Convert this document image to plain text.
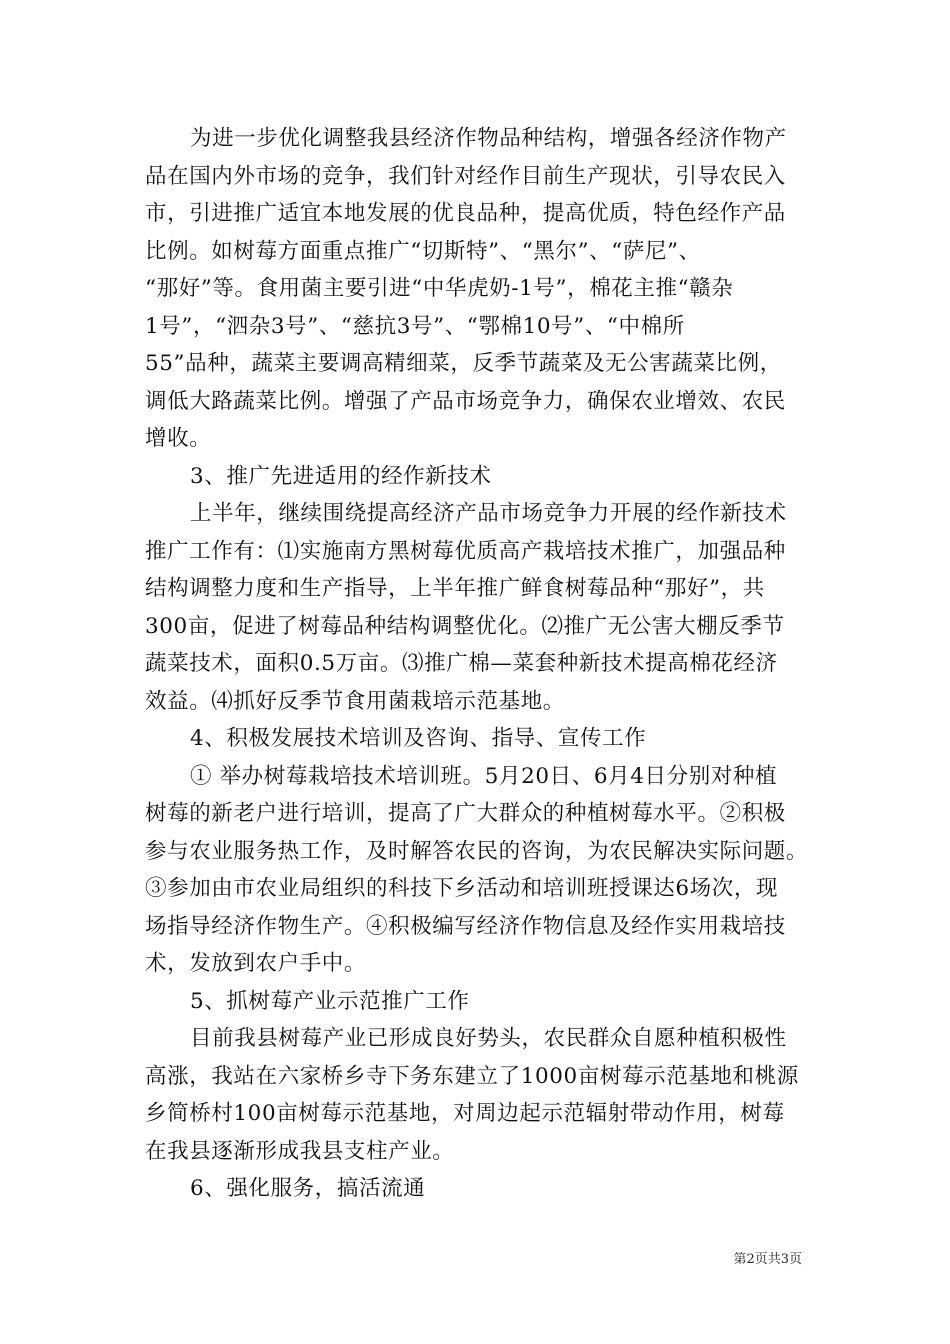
为进一步优化调整我县经济作物品种结构，增强各经济作物产
品在国内外市场的竞争，我们针对经作目前生产现状，引导农民入
市，引进推广适宜本地发展的优良品种，提高优质，特色经作产品
比例。如树莓方面重点推广“切斯特”、“黑尔”、“萨尼”、
“那好”等。食用菌主要引进“中华虎奶-1号”，棉花主推“赣杂
1号”，“泗杂3号”、“慈抗3号”、“鄂棉10号”、“中棉所
55”品种，蔬菜主要调高精细菜，反季节蔬菜及无公害蔬菜比例，
调低大路蔬菜比例。增强了产品市场竞争力，确保农业增效、农民
增收。
3、推广先进适用的经作新技术
上半年，继续围绕提高经济产品市场竞争力开展的经作新技术
推广工作有：⑴实施南方黑树莓优质高产栽培技术推广，加强品种
结构调整力度和生产指导，上半年推广鲜食树莓品种“那好”，共
300亩，促进了树莓品种结构调整优化。⑵推广无公害大棚反季节
蔬菜技术，面积0.5万亩。⑶推广棉—菜套种新技术提高棉花经济
效益。⑷抓好反季节食用菌栽培示范基地。
4、积极发展技术培训及咨询、指导、宣传工作
① 举办树莓栽培技术培训班。5月20日、6月4日分别对种植
树莓的新老户进行培训，提高了广大群众的种植树莓水平。②积极
参与农业服务热工作，及时解答农民的咨询，为农民解决实际问题。
③参加由市农业局组织的科技下乡活动和培训班授课达6场次，现
场指导经济作物生产。④积极编写经济作物信息及经作实用栽培技
术，发放到农户手中。
5、抓树莓产业示范推广工作
目前我县树莓产业已形成良好势头，农民群众自愿种植积极性
高涨，我站在六家桥乡寺下务东建立了1000亩树莓示范基地和桃源
乡简桥村100亩树莓示范基地，对周边起示范辐射带动作用，树莓
在我县逐渐形成我县支柱产业。
6、强化服务，搞活流通
第2页共3页
